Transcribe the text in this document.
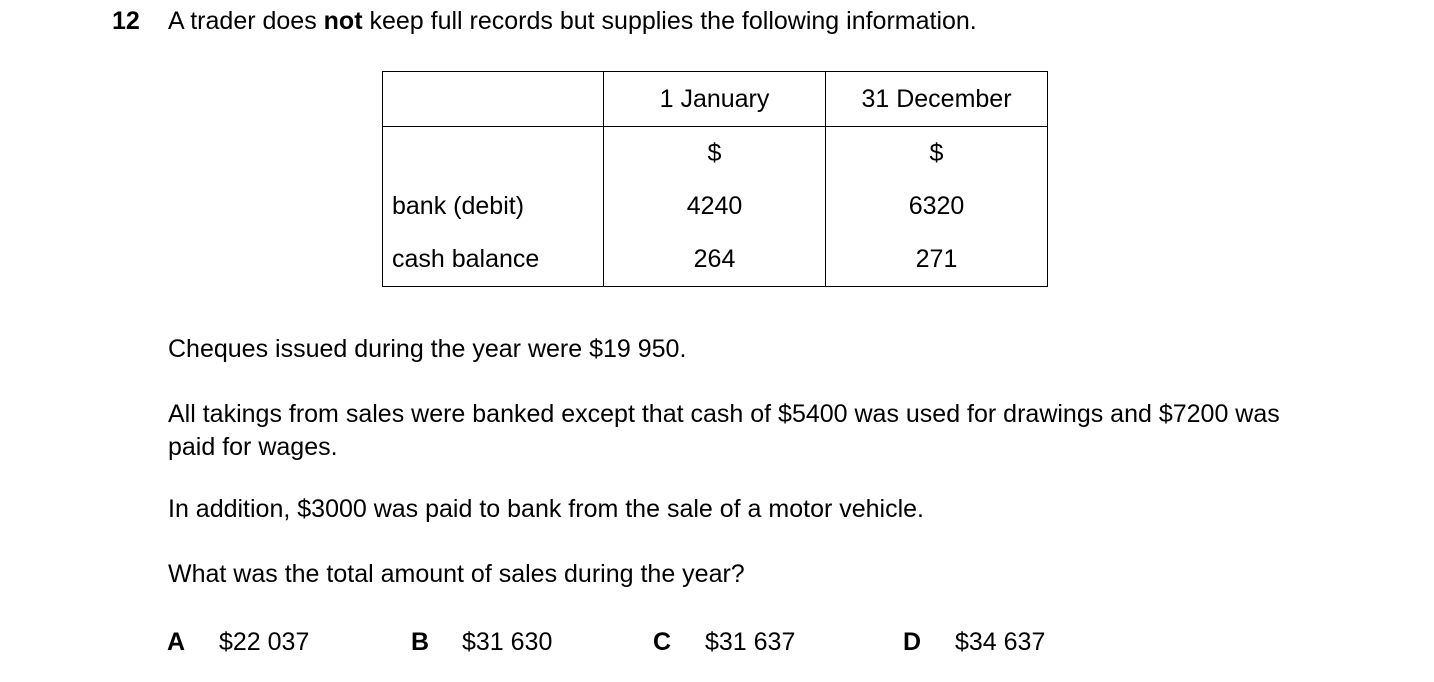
12 A trader does not keep full records but supplies the following information.
	1 January	31 December
	$	$
bank (debit)	4240	6320
cash balance	264	271
Cheques issued during the year were $19 950.
All takings from sales were banked except that cash of $5400 was used for drawings and $7200 was paid for wages.
In addition, $3000 was paid to bank from the sale of a motor vehicle.
What was the total amount of sales during the year?
A $22 037	B $31 630	C $31 637	D $34 637
